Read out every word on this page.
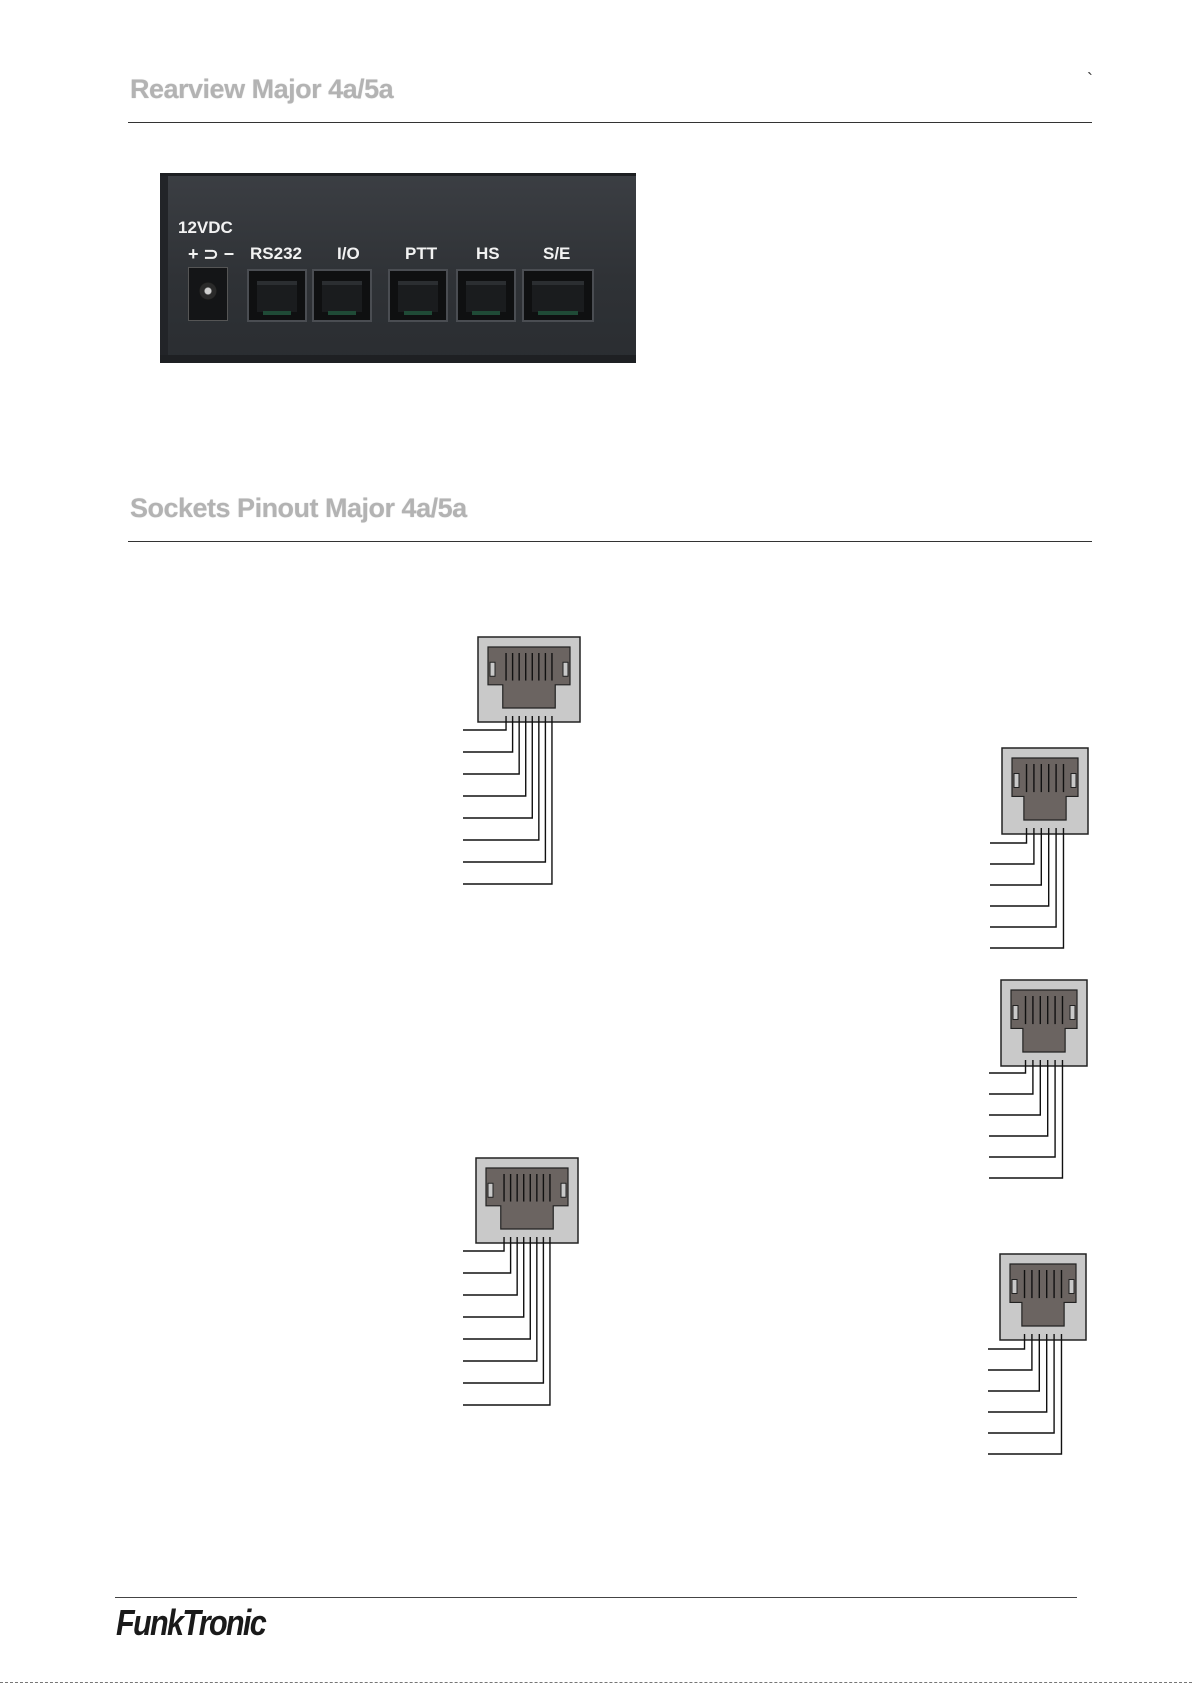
`
Rearview Major 4a/5a
12VDC
+ ⊃ − RS232 I/O	PTT HS	S/E
Sockets Pinout Major 4a/5a
FunkTronic
